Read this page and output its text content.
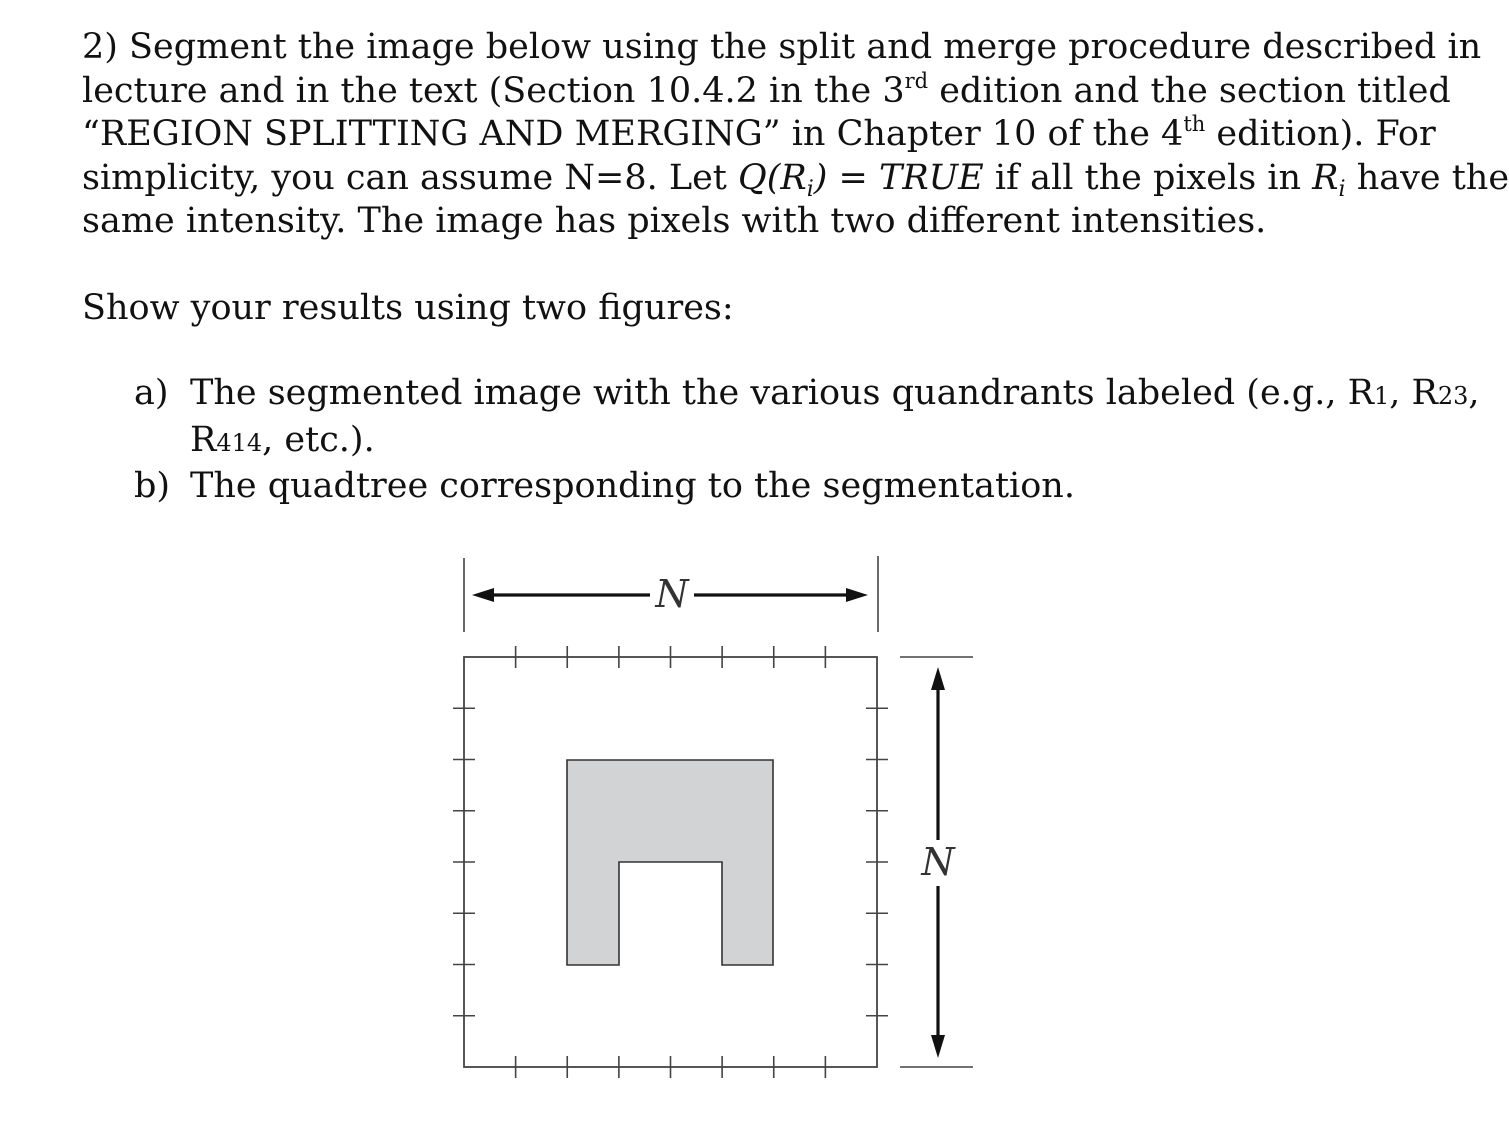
2) Segment the image below using the split and merge procedure described in
lecture and in the text (Section 10.4.2 in the 3rd edition and the section titled
“REGION SPLITTING AND MERGING” in Chapter 10 of the 4th edition). For
simplicity, you can assume N=8. Let $Q(R_i)$ = TRUE if all the pixels in $R_i$ have the
same intensity. The image has pixels with two different intensities.
Show your results using two figures:
a) The segmented image with the various quandrants labeled (e.g., R1, R23,
R414, etc.).
b) The quadtree corresponding to the segmentation.
N
N
